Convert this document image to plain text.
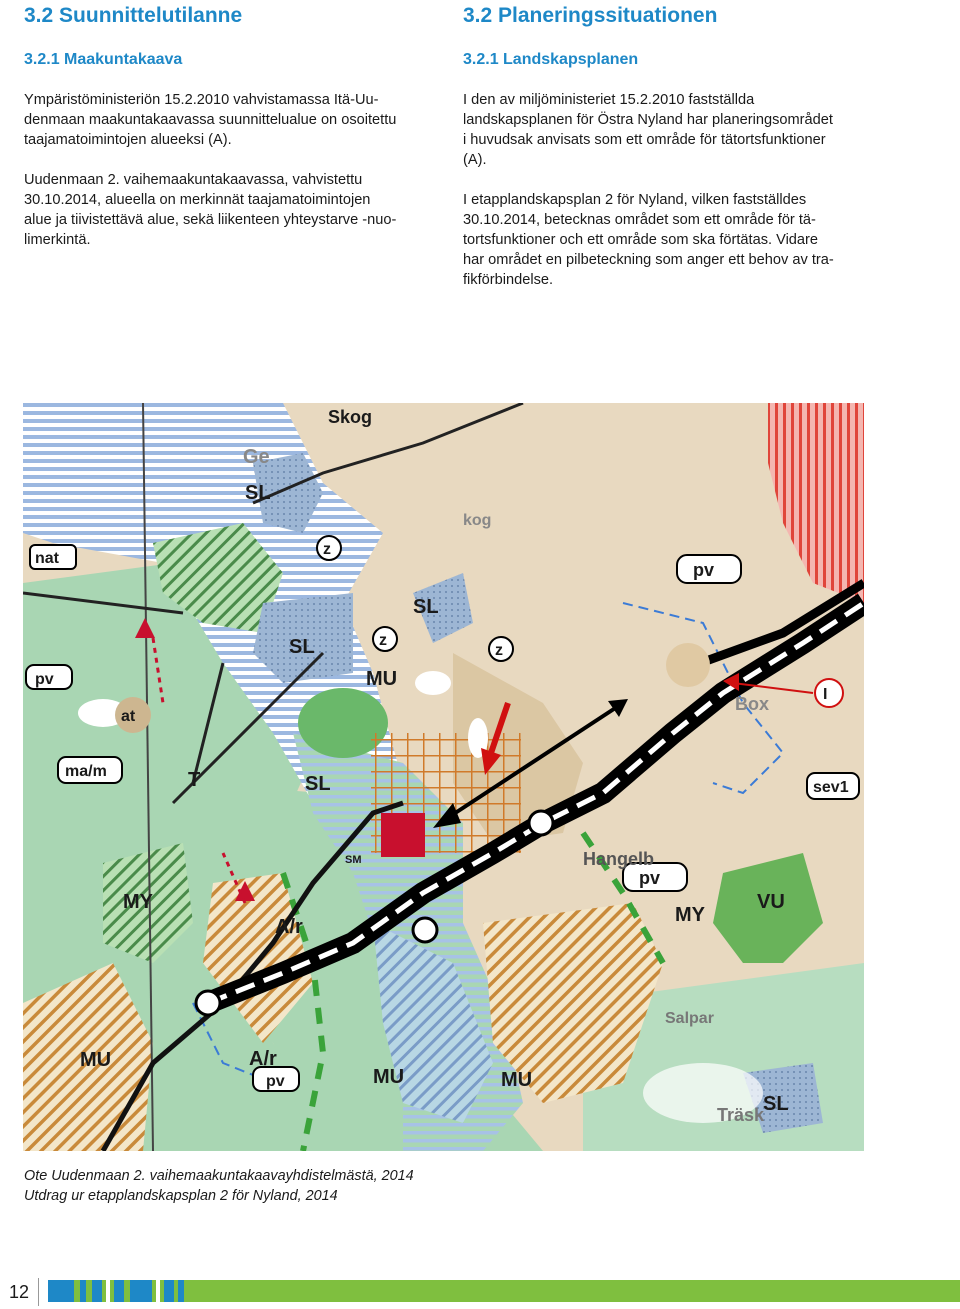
3.2 Suunnittelutilanne
3.2.1 Maakuntakaava

Ympäristöministeriön 15.2.2010 vahvistamassa Itä-Uu-
denmaan maakuntakaavassa suunnittelualue on osoitettu
taajamatoimintojen alueeksi (A).

Uudenmaan 2. vaihemaakuntakaavassa, vahvistettu
30.10.2014, alueella on merkinnät taajamatoimintojen
alue ja tiivistettävä alue, sekä liikenteen yhteystarve -nuo-
limerkintä.

3.2 Planeringssituationen
3.2.1 Landskapsplanen

I den av miljöministeriet 15.2.2010 fastställda
landskapsplanen för Östra Nyland har planeringsområdet
i huvudsak anvisats som ett område för tätortsfunktioner
(A).

I etapplandskapsplan 2 för Nyland, vilken fastställdes
30.10.2014, betecknas området som ett område för tä-
tortsfunktioner och ett område som ska förtätas. Vidare
har området en pilbeteckning som anger ett behov av tra-
fikförbindelse.

Skog
Ge
SL
nat
z
kog
SL
z
SL	z
MU
pv
pv
at
I
Box
ma/m	T	SL	sev1
Hangelb
SM
pv
MY
A/r
MY
VU
MU
MU
A/r
pv	MU
Salpar
SL
Träsk
Ote Uudenmaan 2. vaihemaakuntakaavayhdistelmästä, 2014
Utdrag ur etapplandskapsplan 2 för Nyland, 2014
12
